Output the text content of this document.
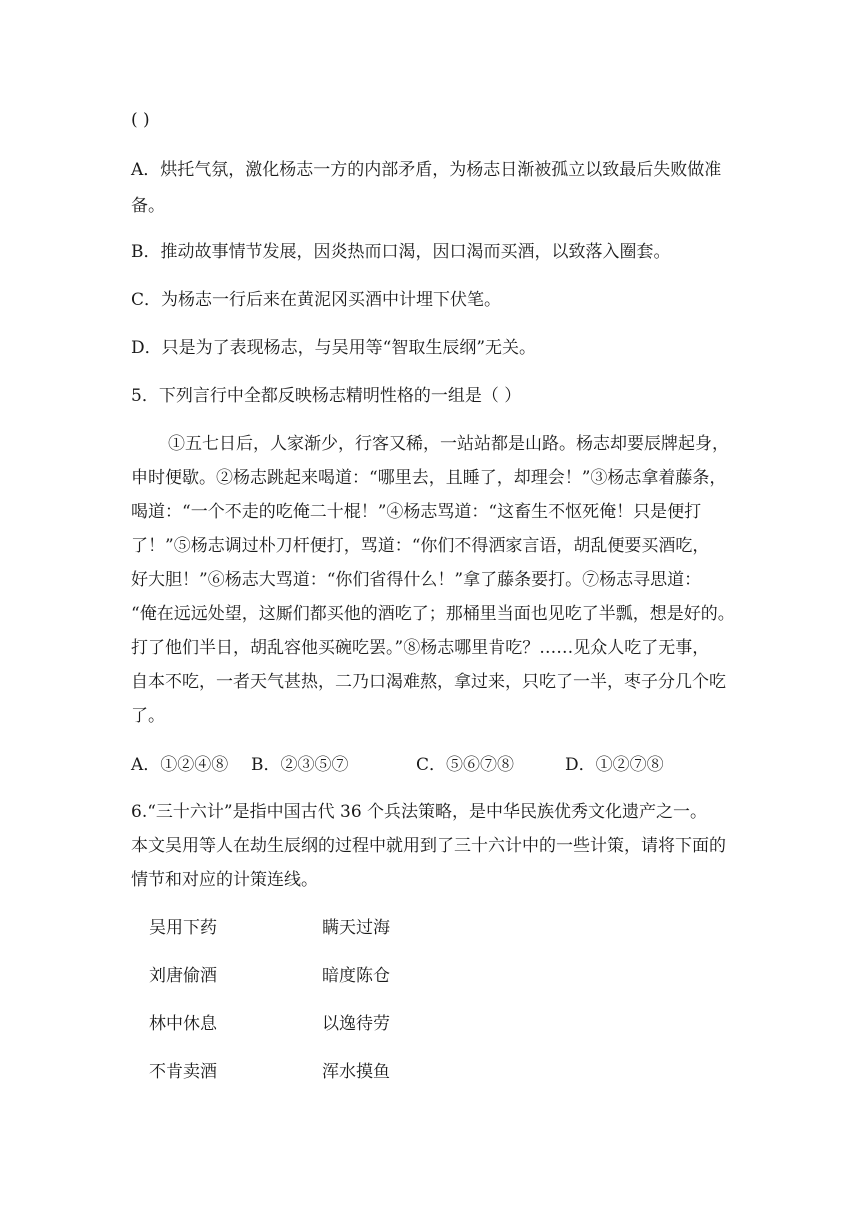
( )
A．烘托气氛，激化杨志一方的内部矛盾，为杨志日渐被孤立以致最后失败做准
备。
B．推动故事情节发展，因炎热而口渴，因口渴而买酒，以致落入圈套。
C．为杨志一行后来在黄泥冈买酒中计埋下伏笔。
D．只是为了表现杨志，与吴用等“智取生辰纲”无关。
5．下列言行中全都反映杨志精明性格的一组是（ ）
①五七日后，人家渐少，行客又稀，一站站都是山路。杨志却要辰牌起身，
申时便歇。②杨志跳起来喝道：“哪里去，且睡了，却理会！”③杨志拿着藤条，
喝道：“一个不走的吃俺二十棍！”④杨志骂道：“这畜生不怄死俺！只是便打
了！”⑤杨志调过朴刀杆便打，骂道：“你们不得洒家言语，胡乱便要买酒吃，
好大胆！”⑥杨志大骂道：“你们省得什么！”拿了藤条要打。⑦杨志寻思道：
“俺在远远处望，这厮们都买他的酒吃了；那桶里当面也见吃了半瓢，想是好的。
打了他们半日，胡乱容他买碗吃罢。”⑧杨志哪里肯吃？……见众人吃了无事，
自本不吃，一者天气甚热，二乃口渴难熬，拿过来，只吃了一半，枣子分几个吃
了。
A．①②④⑧ B．②③⑤⑦	C．⑤⑥⑦⑧	D．①②⑦⑧
6.“三十六计”是指中国古代 36 个兵法策略，是中华民族优秀文化遗产之一。
本文吴用等人在劫生辰纲的过程中就用到了三十六计中的一些计策，请将下面的
情节和对应的计策连线。
吴用下药	瞒天过海
刘唐偷酒	暗度陈仓
林中休息	以逸待劳
不肯卖酒	浑水摸鱼
